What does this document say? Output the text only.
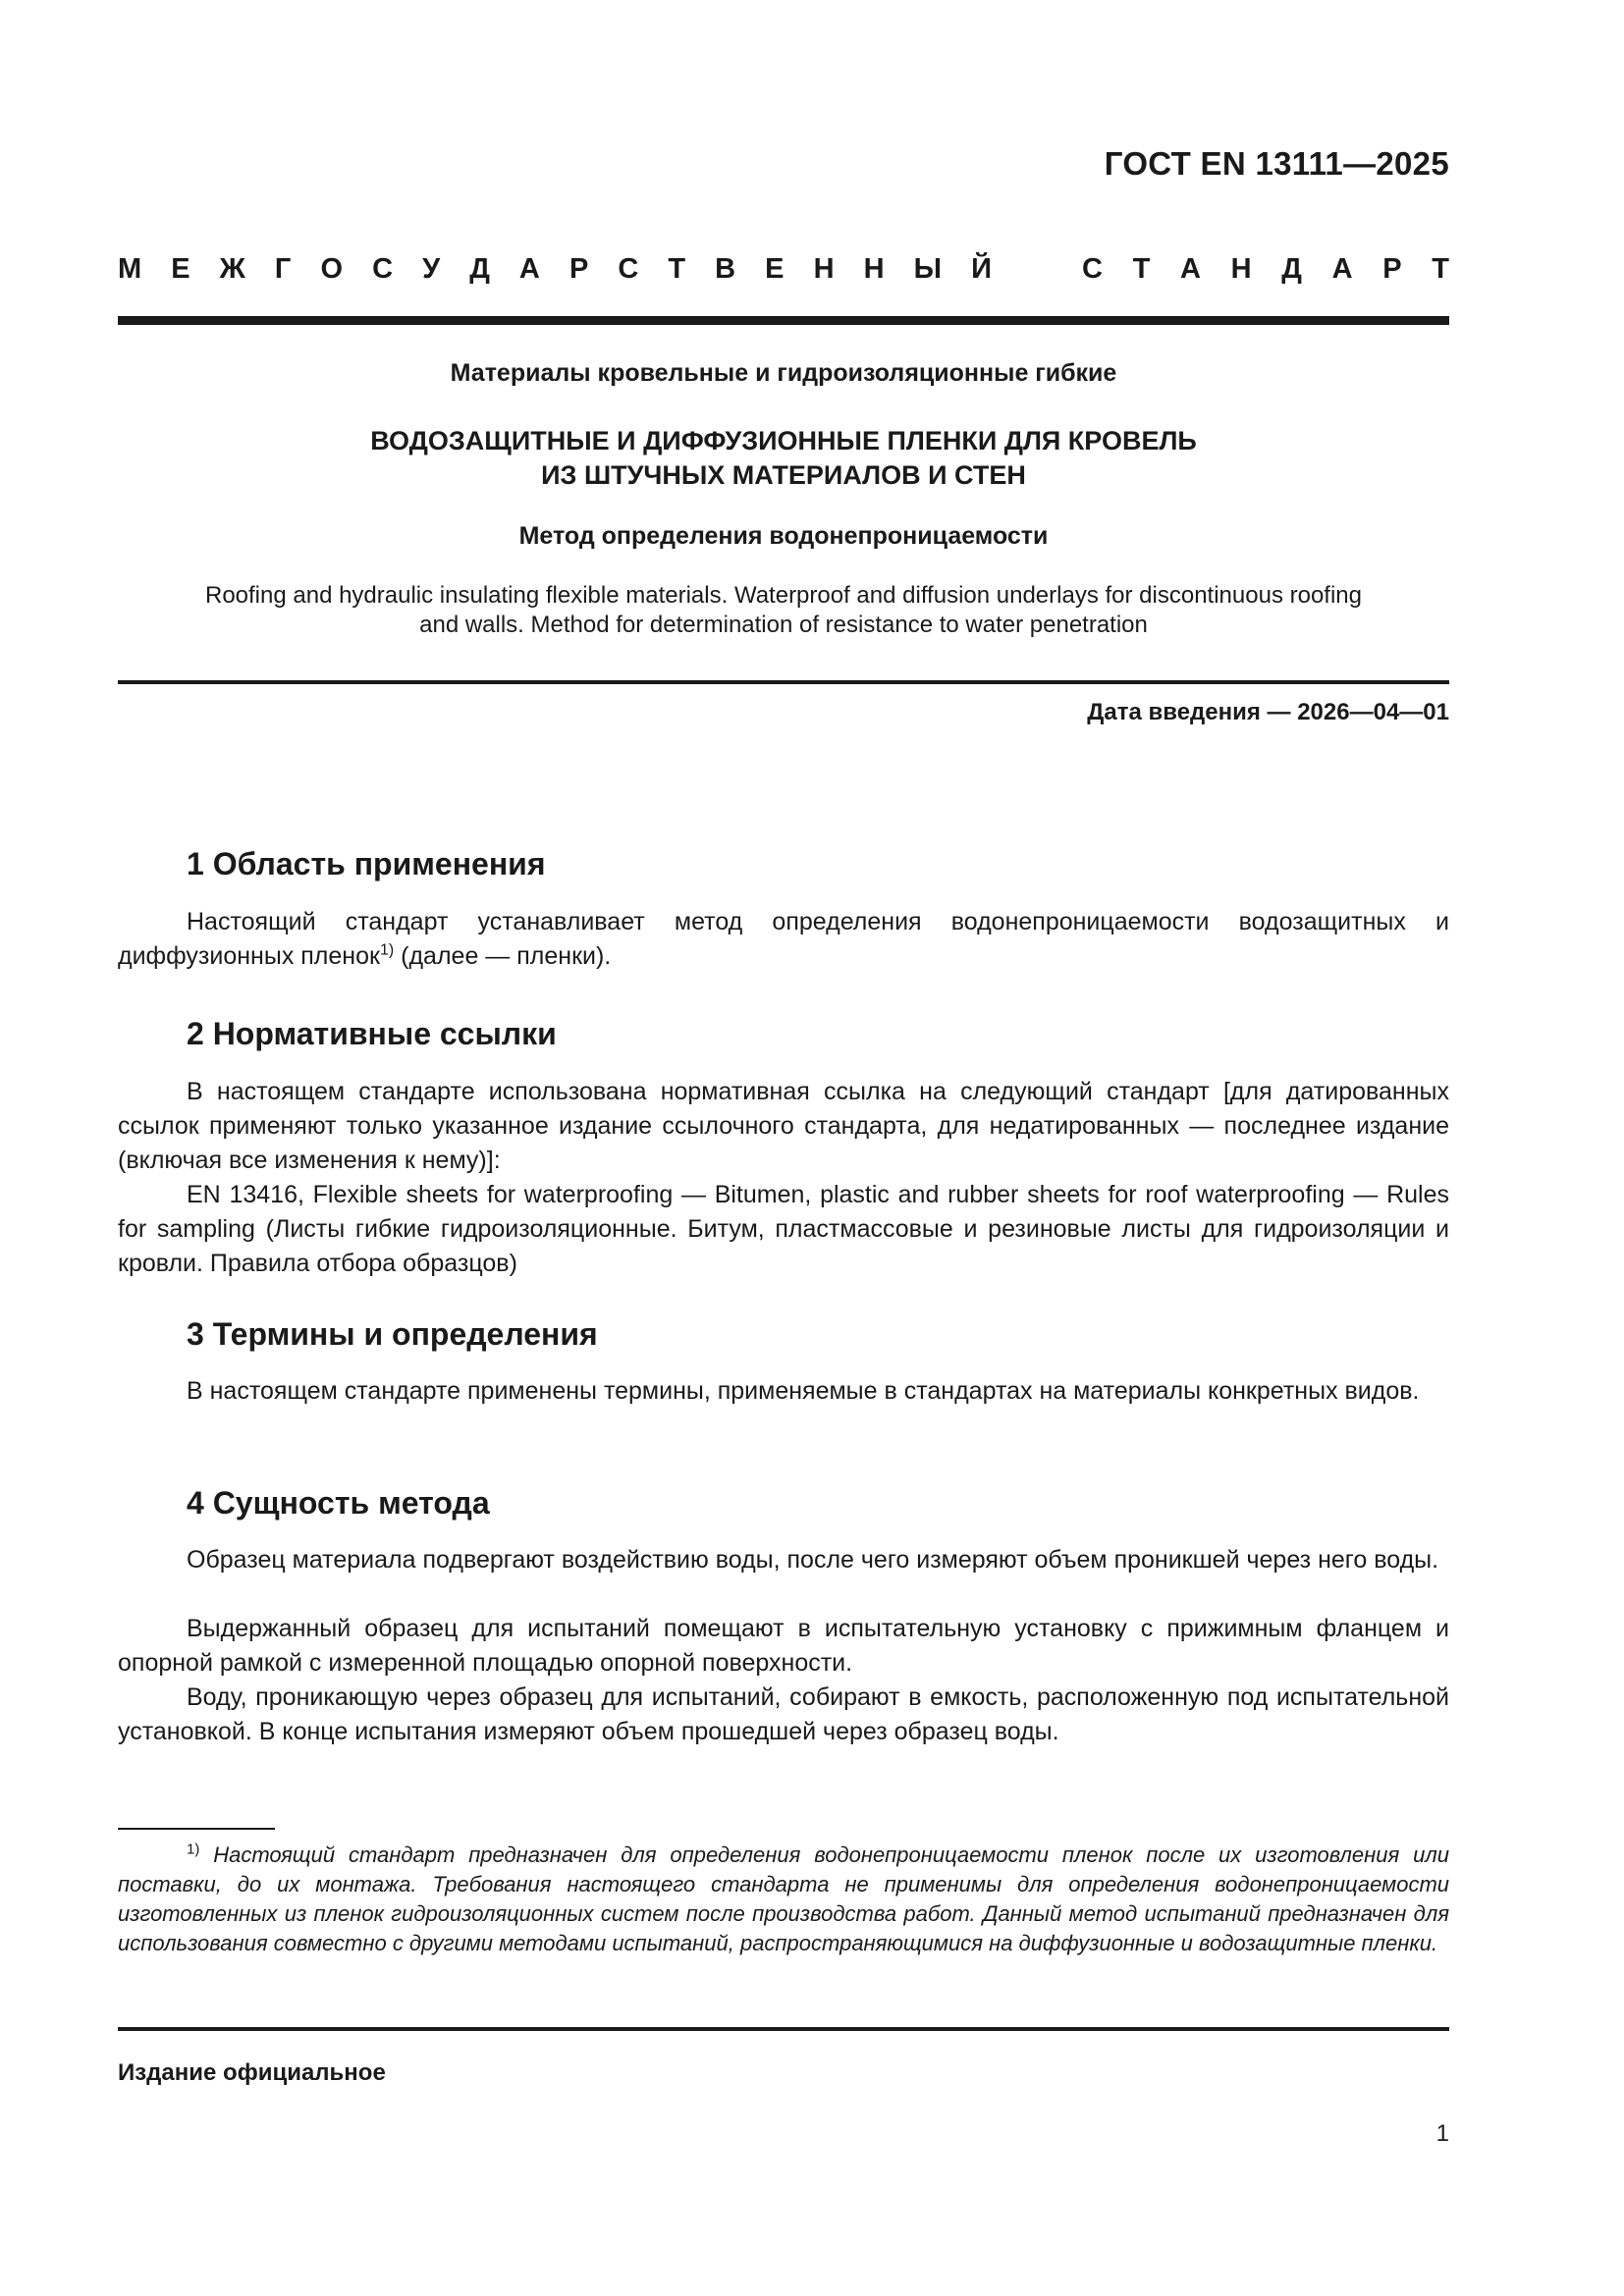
ГОСТ EN 13111—2025
М Е Ж Г О С У Д А Р С Т В Е Н Н Ы Й	С Т А Н Д А Р Т
Материалы кровельные и гидроизоляционные гибкие
ВОДОЗАЩИТНЫЕ И ДИФФУЗИОННЫЕ ПЛЕНКИ ДЛЯ КРОВЕЛЬ
ИЗ ШТУЧНЫХ МАТЕРИАЛОВ И СТЕН
Метод определения водонепроницаемости
Roofing and hydraulic insulating flexible materials. Waterproof and diffusion underlays for discontinuous roofing
and walls. Method for determination of resistance to water penetration
Дата введения — 2026—04—01
1 Область применения
Настоящий стандарт устанавливает метод определения водонепроницаемости водозащитных и диффузионных пленок$^{1)}$ (далее — пленки).
2 Нормативные ссылки
В настоящем стандарте использована нормативная ссылка на следующий стандарт [для датированных ссылок применяют только указанное издание ссылочного стандарта, для недатированных — последнее издание (включая все изменения к нему)]:
EN 13416, Flexible sheets for waterproofing — Bitumen, plastic and rubber sheets for roof waterproofing — Rules for sampling (Листы гибкие гидроизоляционные. Битум, пластмассовые и резиновые листы для гидроизоляции и кровли. Правила отбора образцов)
3 Термины и определения
В настоящем стандарте применены термины, применяемые в стандартах на материалы конкретных видов.
4 Сущность метода
Образец материала подвергают воздействию воды, после чего измеряют объем проникшей через него воды.
Выдержанный образец для испытаний помещают в испытательную установку с прижимным фланцем и опорной рамкой с измеренной площадью опорной поверхности.
Воду, проникающую через образец для испытаний, собирают в емкость, расположенную под испытательной установкой. В конце испытания измеряют объем прошедшей через образец воды.
$^{1)}$ Настоящий стандарт предназначен для определения водонепроницаемости пленок после их изготовления или поставки, до их монтажа. Требования настоящего стандарта не применимы для определения водонепроницаемости изготовленных из пленок гидроизоляционных систем после производства работ. Данный метод испытаний предназначен для использования совместно с другими методами испытаний, распространяющимися на диффузионные и водозащитные пленки.
Издание официальное
1
